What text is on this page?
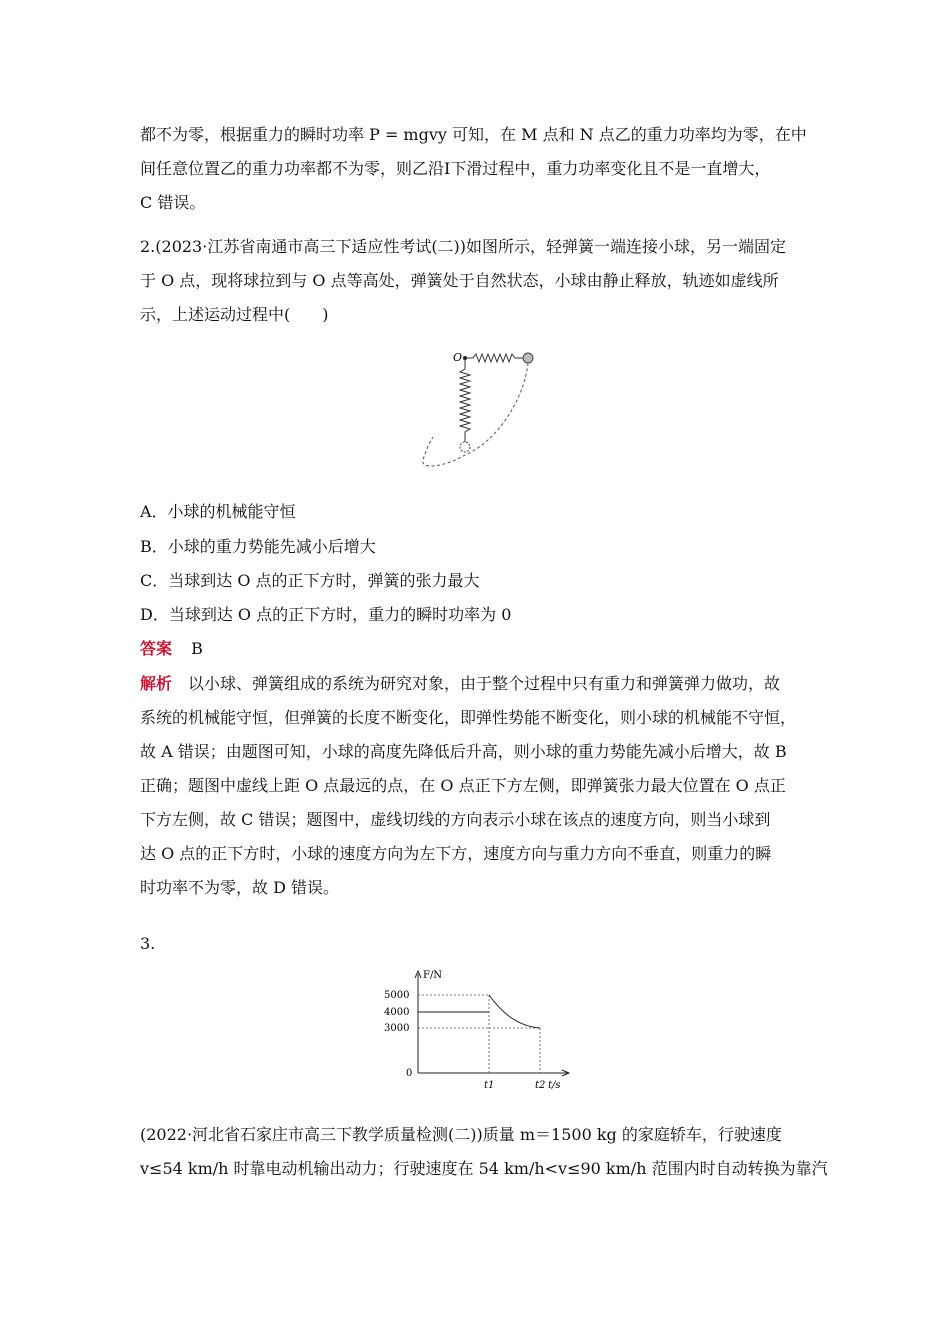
都不为零，根据重力的瞬时功率 P = mgvy 可知，在 M 点和 N 点乙的重力功率均为零，在中
间任意位置乙的重力功率都不为零，则乙沿Ⅰ下滑过程中，重力功率变化且不是一直增大，
C 错误。
2.(2023·江苏省南通市高三下适应性考试(二))如图所示，轻弹簧一端连接小球，另一端固定
于 O 点，现将球拉到与 O 点等高处，弹簧处于自然状态，小球由静止释放，轨迹如虚线所
示，上述运动过程中(　　)
O
A．小球的机械能守恒
B．小球的重力势能先减小后增大
C．当球到达 O 点的正下方时，弹簧的张力最大
D．当球到达 O 点的正下方时，重力的瞬时功率为 0
答案 B
解析 以小球、弹簧组成的系统为研究对象，由于整个过程中只有重力和弹簧弹力做功，故
系统的机械能守恒，但弹簧的长度不断变化，即弹性势能不断变化，则小球的机械能不守恒，
故 A 错误；由题图可知，小球的高度先降低后升高，则小球的重力势能先减小后增大，故 B
正确；题图中虚线上距 O 点最远的点，在 O 点正下方左侧，即弹簧张力最大位置在 O 点正
下方左侧，故 C 错误；题图中，虚线切线的方向表示小球在该点的速度方向，则当小球到
达 O 点的正下方时，小球的速度方向为左下方，速度方向与重力方向不垂直，则重力的瞬
时功率不为零，故 D 错误。
3.
F/N
5000
4000
3000
0
t1	t2 t/s
(2022·河北省石家庄市高三下教学质量检测(二))质量 m＝1500 kg 的家庭轿车，行驶速度
v≤54 km/h 时靠电动机输出动力；行驶速度在 54 km/h<v≤90 km/h 范围内时自动转换为靠汽
